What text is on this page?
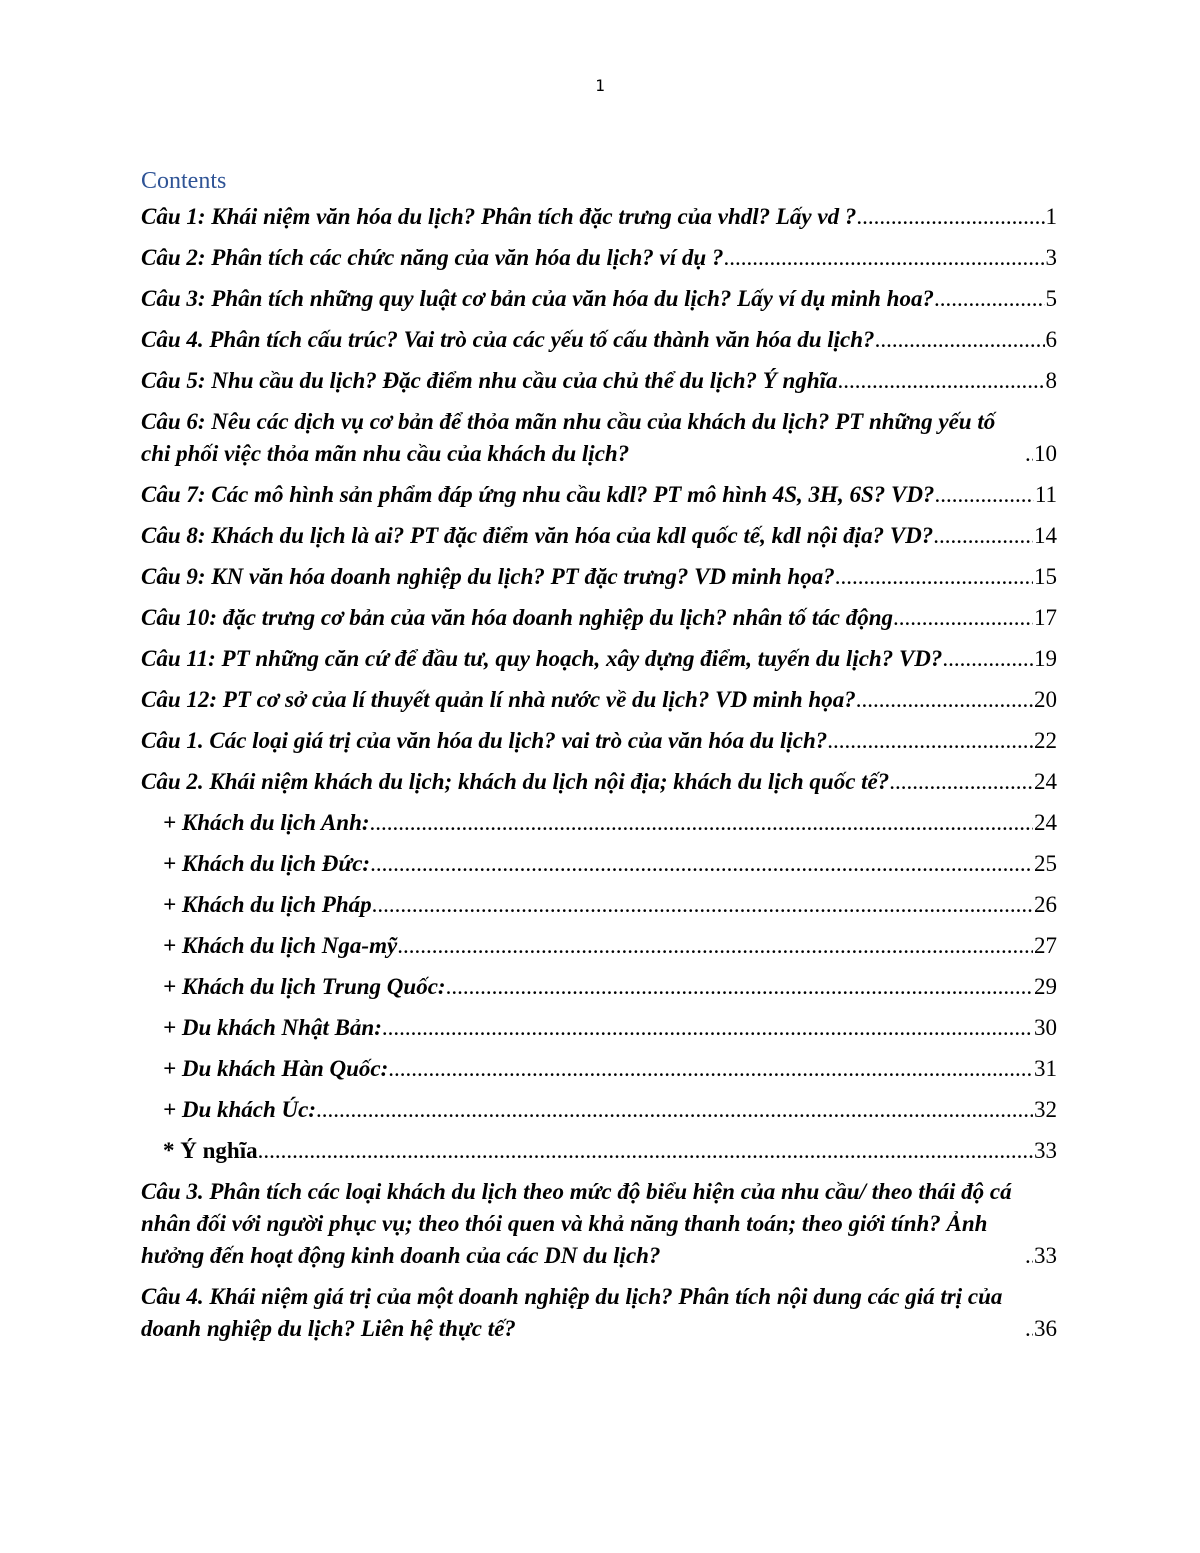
1
Contents
Câu 1: Khái niệm văn hóa du lịch? Phân tích đặc trưng của vhdl? Lấy vd ? .....	1
Câu 2: Phân tích các chức năng của văn hóa du lịch? ví dụ ? .....	3
Câu 3: Phân tích những quy luật cơ bản của văn hóa du lịch? Lấy ví dụ minh hoa? .....	5
Câu 4. Phân tích cấu trúc? Vai trò của các yếu tố cấu thành văn hóa du lịch? .....	6
Câu 5: Nhu cầu du lịch? Đặc điểm nhu cầu của chủ thể du lịch? Ý nghĩa .....	8
Câu 6: Nêu các dịch vụ cơ bản để thỏa mãn nhu cầu của khách du lịch? PT những yếu tố chi phối việc thỏa mãn nhu cầu của khách du lịch? .....	10
Câu 7: Các mô hình sản phẩm đáp ứng nhu cầu kdl? PT mô hình 4S, 3H, 6S? VD? .....	11
Câu 8: Khách du lịch là ai? PT đặc điểm văn hóa của kdl quốc tế, kdl nội địa? VD? .....	14
Câu 9: KN văn hóa doanh nghiệp du lịch? PT đặc trưng? VD minh họa? .....	15
Câu 10: đặc trưng cơ bản của văn hóa doanh nghiệp du lịch? nhân tố tác động .....	17
Câu 11: PT những căn cứ để đầu tư, quy hoạch, xây dựng điểm, tuyến du lịch? VD? .....	19
Câu 12: PT cơ sở của lí thuyết quản lí nhà nước về du lịch? VD minh họa? .....	20
Câu 1. Các loại giá trị của văn hóa du lịch? vai trò của văn hóa du lịch? .....	22
Câu 2. Khái niệm khách du lịch; khách du lịch nội địa; khách du lịch quốc tế? .....	24
+ Khách du lịch Anh: .....	24
+ Khách du lịch Đức: .....	25
+ Khách du lịch Pháp .....	26
+ Khách du lịch Nga-mỹ .....	27
+ Khách du lịch Trung Quốc: .....	29
+ Du khách Nhật Bản: .....	30
+ Du khách Hàn Quốc: .....	31
+ Du khách Úc: .....	32
* Ý nghĩa .....	33
Câu 3. Phân tích các loại khách du lịch theo mức độ biểu hiện của nhu cầu/ theo thái độ cá nhân đối với người phục vụ; theo thói quen và khả năng thanh toán; theo giới tính? Ảnh hưởng đến hoạt động kinh doanh của các DN du lịch? .....	33
Câu 4. Khái niệm giá trị của một doanh nghiệp du lịch? Phân tích nội dung các giá trị của doanh nghiệp du lịch? Liên hệ thực tế? .....	36
